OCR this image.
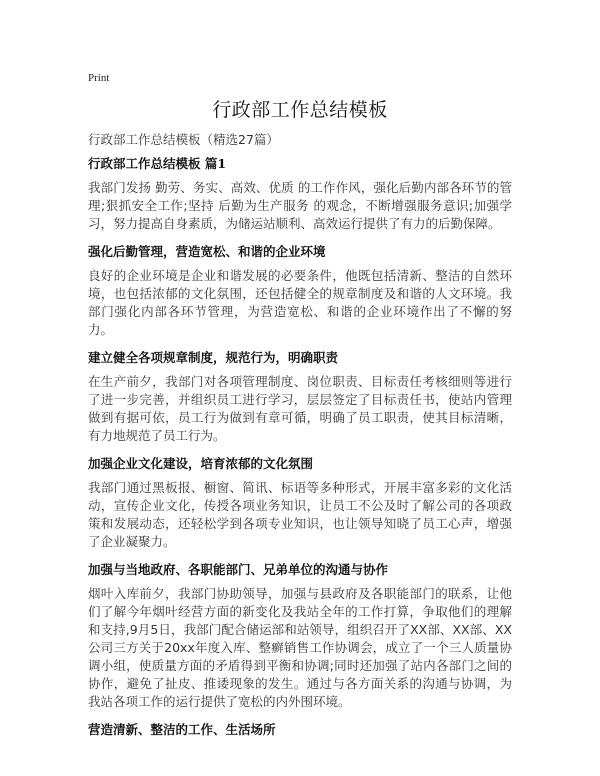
Print
行政部工作总结模板

行政部工作总结模板（精选27篇）

行政部工作总结模板 篇1

我部门发扬 勤劳、务实、高效、优质 的工作作风，强化后勤内部各环节的管理;狠抓安全工作;坚持 后勤为生产服务 的观念，不断增强服务意识;加强学习，努力提高自身素质，为储运站顺利、高效运行提供了有力的后勤保障。

强化后勤管理，营造宽松、和谐的企业环境

良好的企业环境是企业和谐发展的必要条件，他既包括清新、整洁的自然环境，也包括浓郁的文化氛围，还包括健全的规章制度及和谐的人文环境。我部门强化内部各环节管理，为营造宽松、和谐的企业环境作出了不懈的努力。

建立健全各项规章制度，规范行为，明确职责

在生产前夕，我部门对各项管理制度、岗位职责、目标责任考核细则等进行了进一步完善，并组织员工进行学习，层层签定了目标责任书，使站内管理做到有据可依，员工行为做到有章可循，明确了员工职责，使其目标清晰，有力地规范了员工行为。

加强企业文化建设，培育浓郁的文化氛围

我部门通过黑板报、橱窗、简讯、标语等多种形式，开展丰富多彩的文化活动，宣传企业文化，传授各项业务知识，让员工不公及时了解公司的各项政策和发展动态，还轻松学到各项专业知识，也让领导知晓了员工心声，增强了企业凝聚力。

加强与当地政府、各职能部门、兄弟单位的沟通与协作

烟叶入库前夕，我部门协助领导，加强与县政府及各职能部门的联系，让他们了解今年烟叶经营方面的新变化及我站全年的工作打算，争取他们的理解和支持,9月5日，我部门配合储运部和站领导，组织召开了XX部、XX部、XX公司三方关于20xx年度入库、整癣销售工作协调会，成立了一个三人质量协调小组，使质量方面的矛盾得到平衡和协调;同时还加强了站内各部门之间的协作，避免了扯皮、推诿现象的发生。通过与各方面关系的沟通与协调，为我站各项工作的运行提供了宽松的内外围环境。

营造清新、整洁的工作、生活场所
